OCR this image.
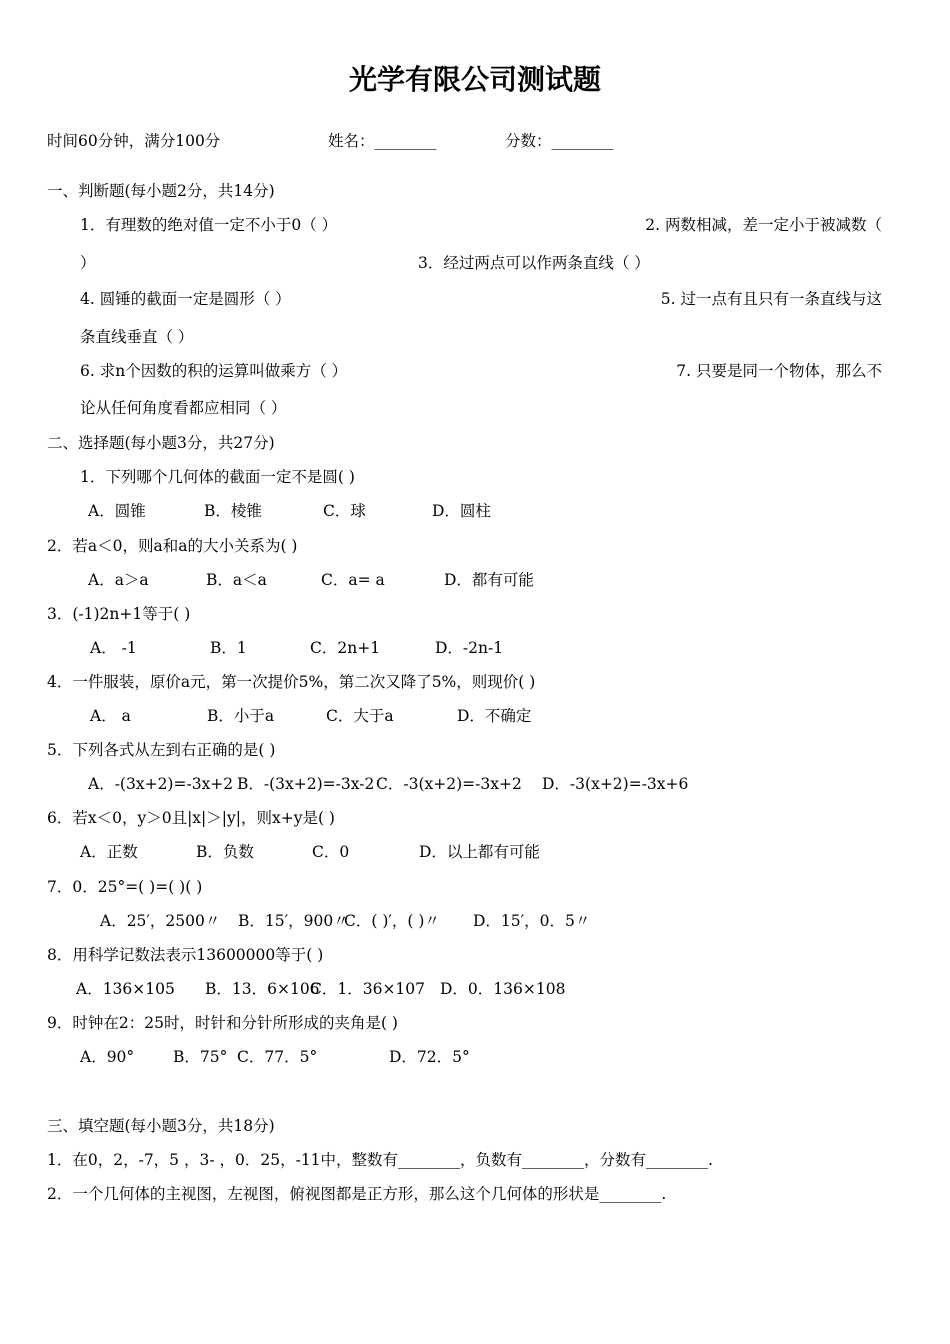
光学有限公司测试题
时间60分钟，满分100分	姓名：________	分数：________
一、判断题(每小题2分，共14分)
1．有理数的绝对值一定不小于0（ ）	2. 两数相减，差一定小于被减数（
）	3．经过两点可以作两条直线（ ）
4. 圆锤的截面一定是圆形（ ）	5. 过一点有且只有一条直线与这
条直线垂直（ ）
6. 求n个因数的积的运算叫做乘方（ ）	7. 只要是同一个物体，那么不
论从任何角度看都应相同（ ）
二、选择题(每小题3分，共27分)
1．下列哪个几何体的截面一定不是圆( )
A．圆锥	B．棱锥	C．球	D．圆柱
2．若a＜0，则a和a的大小关系为( )
A．a＞a	B．a＜a	C．a= a	D．都有可能
3．(-1)2n+1等于( )
A． -1	B．1	C．2n+1	D．-2n-1
4．一件服装，原价a元，第一次提价5%，第二次又降了5%，则现价( )
A． a	B．小于a	C．大于a	D．不确定
5．下列各式从左到右正确的是( )
A．-(3x+2)=-3x+2 B．-(3x+2)=-3x-2 C．-3(x+2)=-3x+2 D．-3(x+2)=-3x+6
6．若x＜0，y＞0且|x|＞|y|，则x+y是( )
A．正数	B．负数	C．0	D．以上都有可能
7．0．25°=( )=( )( )
A．25′，2500〃 B．15′，900〃
C．( )′，( )〃 D．15′，0．5〃
8．用科学记数法表示13600000等于( )
A．136×105 B．13．6×106
C．1．36×107 D．0．136×108
9．时钟在2：25时，时针和分针所形成的夹角是( )
A．90°	B．75° C．77．5°	D．72．5°
三、填空题(每小题3分，共18分)
1．在0，2，-7，5 ，3- ，0．25，-11中，整数有________，负数有________，分数有________.
2．一个几何体的主视图，左视图，俯视图都是正方形，那么这个几何体的形状是________.
